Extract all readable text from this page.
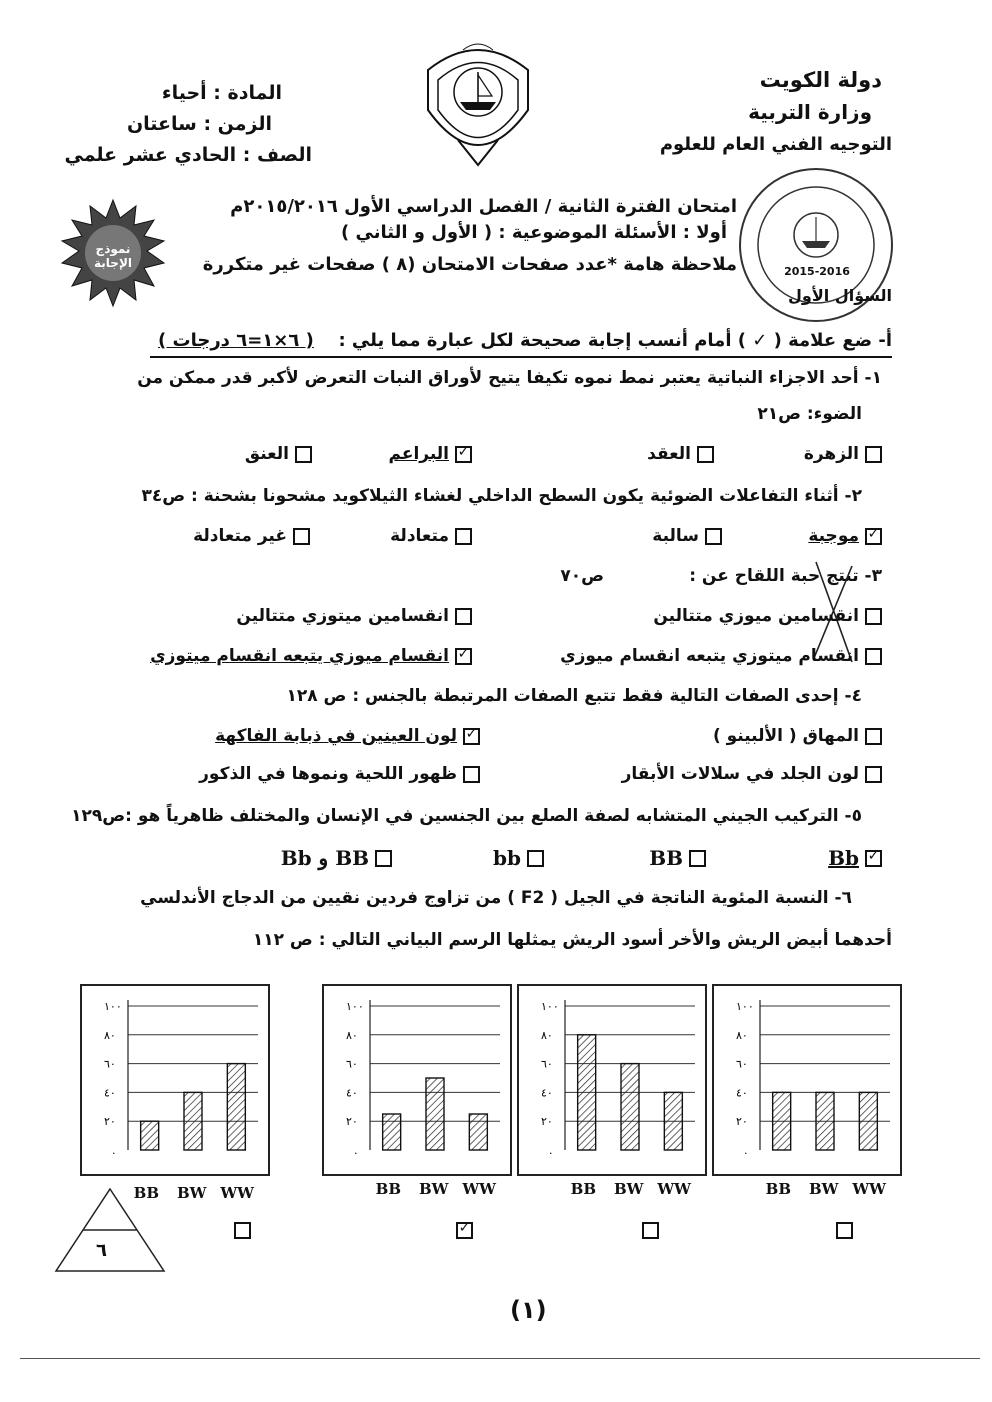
دولة الكويت
وزارة التربية
التوجيه الفني العام للعلوم
المادة : أحياء
الزمن : ساعتان
الصف : الحادي عشر علمي
نموذج الإجابة
2015-2016
امتحان الفترة الثانية / الفصل الدراسي الأول ٢٠١٥/٢٠١٦م
أولا : الأسئلة الموضوعية : ( الأول و الثاني )
ملاحظة هامة *عدد صفحات الامتحان (٨ ) صفحات غير متكررة
السؤال الأول
أ- ضع علامة ( ✓ ) أمام أنسب إجابة صحيحة لكل عبارة مما يلي :
( ٦×١=٦ درجات )
١- أحد الاجزاء النباتية يعتبر نمط نموه تكيفا يتيح لأوراق النبات التعرض لأكبر قدر ممكن من
الضوء: ص٢١
الزهرة
العقد
✓
البراعم
العنق
٢- أثناء التفاعلات الضوئية يكون السطح الداخلي لغشاء الثيلاكويد مشحونا بشحنة : ص٣٤
✓
موجبة
سالبة
متعادلة
غير متعادلة
٣- تنتج حبة اللقاح عن :
ص٧٠
انقسامين ميوزي متتالين
انقسامين ميتوزي متتالين
انقسام ميتوزي يتبعه انقسام ميوزي
✓
انقسام ميوزي يتبعه انقسام ميتوزي
٤- إحدى الصفات التالية فقط تتبع الصفات المرتبطة بالجنس : ص ١٢٨
المهاق ( الألبينو )
✓
لون العينين في ذبابة الفاكهة
لون الجلد في سلالات الأبقار
ظهور اللحية ونموها في الذكور
٥- التركيب الجيني المتشابه لصفة الصلع بين الجنسين في الإنسان والمختلف ظاهرياً هو :ص١٢٩
✓
Bb
BB
bb
BB و Bb
٦- النسبة المئوية الناتجة في الجيل ( F2 ) من تزاوج فردين نقيين من الدجاج الأندلسي
أحدهما أبيض الريش والأخر أسود الريش يمثلها الرسم البياني التالي : ص ١١٢
٢٠
٤٠
٦٠
٨٠
١٠٠
.
BB BW WW
٢٠
٤٠
٦٠
٨٠
١٠٠
.
BB BW WW
✓
٢٠
٤٠
٦٠
٨٠
١٠٠
.
BB BW WW
٢٠
٤٠
٦٠
٨٠
١٠٠
.
BB BW WW
٦
(١)
